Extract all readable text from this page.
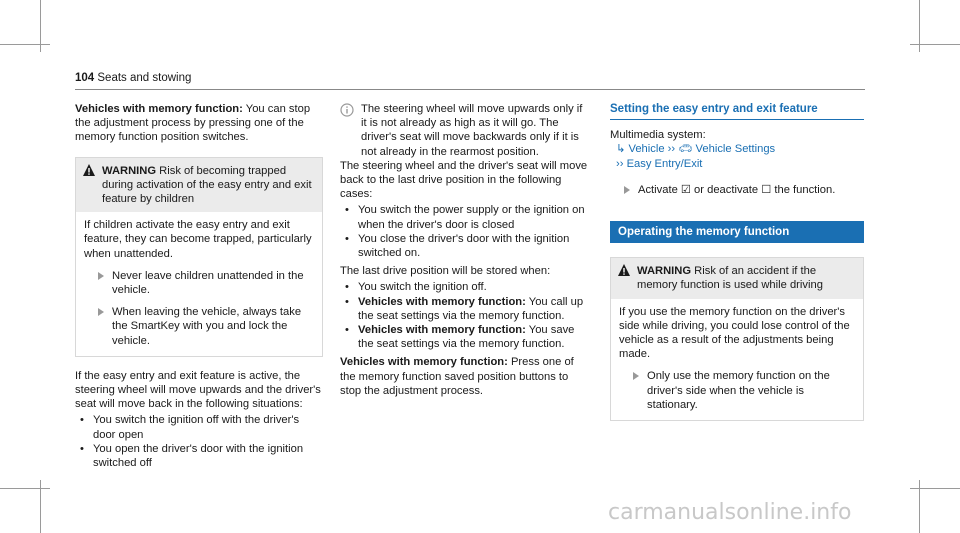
104 Seats and stowing

Vehicles with memory function: You can stop the adjustment process by pressing one of the memory function position switches.

WARNING Risk of becoming trapped during activation of the easy entry and exit feature by children

If children activate the easy entry and exit feature, they can become trapped, particularly when unattended.

Never leave children unattended in the vehicle.
When leaving the vehicle, always take the SmartKey with you and lock the vehicle.

If the easy entry and exit feature is active, the steering wheel will move upwards and the driver's seat will move back in the following situations:

• You switch the ignition off with the driver's door open
• You open the driver's door with the ignition switched off

The steering wheel will move upwards only if it is not already as high as it will go. The driver's seat will move backwards only if it is not already in the rearmost position.

The steering wheel and the driver's seat will move back to the last drive position in the following cases:

• You switch the power supply or the ignition on when the driver's door is closed
• You close the driver's door with the ignition switched on.

The last drive position will be stored when:

• You switch the ignition off.
• Vehicles with memory function: You call up the seat settings via the memory function.
• Vehicles with memory function: You save the seat settings via the memory function.

Vehicles with memory function: Press one of the memory function saved position buttons to stop the adjustment process.

Setting the easy entry and exit feature

Multimedia system:

↳ Vehicle ›› 🚗︎ Vehicle Settings
›› Easy Entry/Exit
Activate ☑ or deactivate ☐ the function.
Operating the memory function
WARNING Risk of an accident if the memory function is used while driving

If you use the memory function on the driver's side while driving, you could lose control of the vehicle as a result of the adjustments being made.

Only use the memory function on the driver's side when the vehicle is stationary.
carmanualsonline.info
